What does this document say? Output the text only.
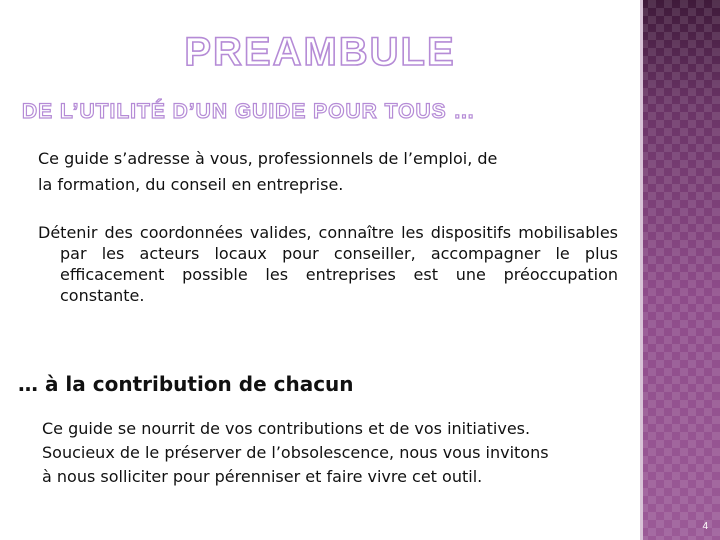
4
PREAMBULE
DE L’UTILITÉ D’UN GUIDE POUR TOUS …
Ce guide s’adresse à vous, professionnels de l’emploi, de
la formation, du conseil en entreprise.
Détenir des coordonnées valides, connaître les dispositifs mobilisables par les acteurs locaux pour conseiller, accompagner le plus efficacement possible les entreprises est une préoccupation constante.
… à la contribution de chacun
Ce guide se nourrit de vos contributions et de vos initiatives.
Soucieux de le préserver de l’obsolescence, nous vous invitons
à nous solliciter pour pérenniser et faire vivre cet outil.
